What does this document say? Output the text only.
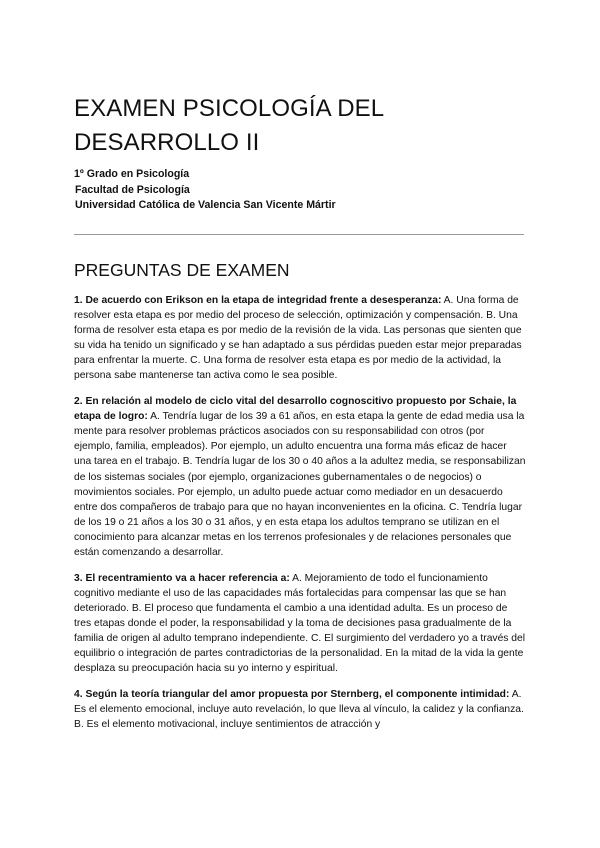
EXAMEN PSICOLOGÍA DEL DESARROLLO II
1º Grado en Psicología
Facultad de Psicología
Universidad Católica de Valencia San Vicente Mártir
PREGUNTAS DE EXAMEN

1. De acuerdo con Erikson en la etapa de integridad frente a desesperanza: A. Una forma de resolver esta etapa es por medio del proceso de selección, optimización y compensación. B. Una forma de resolver esta etapa es por medio de la revisión de la vida. Las personas que sienten que su vida ha tenido un significado y se han adaptado a sus pérdidas pueden estar mejor preparadas para enfrentar la muerte. C. Una forma de resolver esta etapa es por medio de la actividad, la persona sabe mantenerse tan activa como le sea posible.

2. En relación al modelo de ciclo vital del desarrollo cognoscitivo propuesto por Schaie, la etapa de logro: A. Tendría lugar de los 39 a 61 años, en esta etapa la gente de edad media usa la mente para resolver problemas prácticos asociados con su responsabilidad con otros (por ejemplo, familia, empleados). Por ejemplo, un adulto encuentra una forma más eficaz de hacer una tarea en el trabajo. B. Tendría lugar de los 30 o 40 años a la adultez media, se responsabilizan de los sistemas sociales (por ejemplo, organizaciones gubernamentales o de negocios) o movimientos sociales. Por ejemplo, un adulto puede actuar como mediador en un desacuerdo entre dos compañeros de trabajo para que no hayan inconvenientes en la oficina. C. Tendría lugar de los 19 o 21 años a los 30 o 31 años, y en esta etapa los adultos temprano se utilizan en el conocimiento para alcanzar metas en los terrenos profesionales y de relaciones personales que están comenzando a desarrollar.

3. El recentramiento va a hacer referencia a: A. Mejoramiento de todo el funcionamiento cognitivo mediante el uso de las capacidades más fortalecidas para compensar las que se han deteriorado. B. El proceso que fundamenta el cambio a una identidad adulta. Es un proceso de tres etapas donde el poder, la responsabilidad y la toma de decisiones pasa gradualmente de la familia de origen al adulto temprano independiente. C. El surgimiento del verdadero yo a través del equilibrio o integración de partes contradictorias de la personalidad. En la mitad de la vida la gente desplaza su preocupación hacia su yo interno y espiritual.

4. Según la teoría triangular del amor propuesta por Sternberg, el componente intimidad: A. Es el elemento emocional, incluye auto revelación, lo que lleva al vínculo, la calidez y la confianza. B. Es el elemento motivacional, incluye sentimientos de atracción y
